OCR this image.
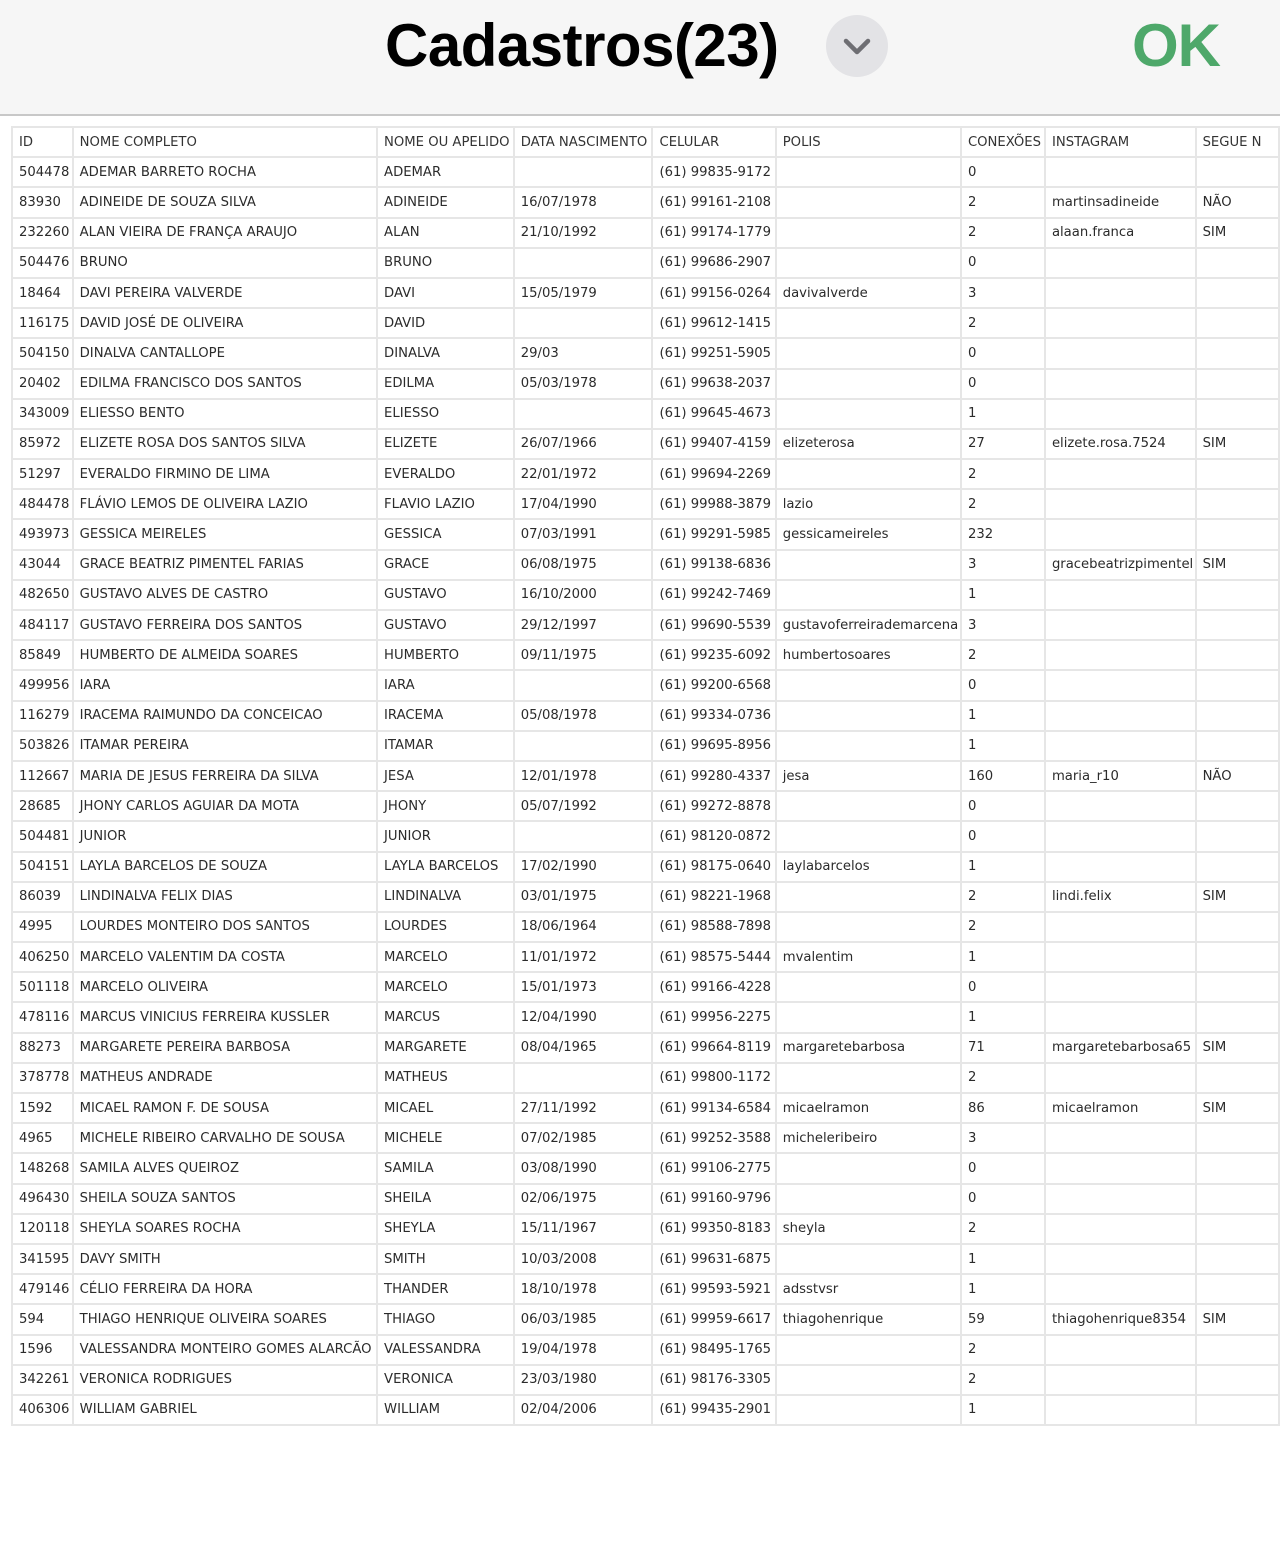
Cadastros(23)	OK
ID	NOME COMPLETO	NOME OU APELIDO	DATA NASCIMENTO	CELULAR	POLIS	CONEXÕES	INSTAGRAM	SEGUE N
504478	ADEMAR BARRETO ROCHA	ADEMAR		(61) 99835-9172		0		
83930	ADINEIDE DE SOUZA SILVA	ADINEIDE	16/07/1978	(61) 99161-2108		2	martinsadineide	NÃO
232260	ALAN VIEIRA DE FRANÇA ARAUJO	ALAN	21/10/1992	(61) 99174-1779		2	alaan.franca	SIM
504476	BRUNO	BRUNO		(61) 99686-2907		0		
18464	DAVI PEREIRA VALVERDE	DAVI	15/05/1979	(61) 99156-0264	davivalverde	3		
116175	DAVID JOSÉ DE OLIVEIRA	DAVID		(61) 99612-1415		2		
504150	DINALVA CANTALLOPE	DINALVA	29/03	(61) 99251-5905		0		
20402	EDILMA FRANCISCO DOS SANTOS	EDILMA	05/03/1978	(61) 99638-2037		0		
343009	ELIESSO BENTO	ELIESSO		(61) 99645-4673		1		
85972	ELIZETE ROSA DOS SANTOS SILVA	ELIZETE	26/07/1966	(61) 99407-4159	elizeterosa	27	elizete.rosa.7524	SIM
51297	EVERALDO FIRMINO DE LIMA	EVERALDO	22/01/1972	(61) 99694-2269		2		
484478	FLÁVIO LEMOS DE OLIVEIRA LAZIO	FLAVIO LAZIO	17/04/1990	(61) 99988-3879	lazio	2		
493973	GESSICA MEIRELES	GESSICA	07/03/1991	(61) 99291-5985	gessicameireles	232		
43044	GRACE BEATRIZ PIMENTEL FARIAS	GRACE	06/08/1975	(61) 99138-6836		3	gracebeatrizpimentel	SIM
482650	GUSTAVO ALVES DE CASTRO	GUSTAVO	16/10/2000	(61) 99242-7469		1		
484117	GUSTAVO FERREIRA DOS SANTOS	GUSTAVO	29/12/1997	(61) 99690-5539	gustavoferreirademarcena	3		
85849	HUMBERTO DE ALMEIDA SOARES	HUMBERTO	09/11/1975	(61) 99235-6092	humbertosoares	2		
499956	IARA	IARA		(61) 99200-6568		0		
116279	IRACEMA RAIMUNDO DA CONCEICAO	IRACEMA	05/08/1978	(61) 99334-0736		1		
503826	ITAMAR PEREIRA	ITAMAR		(61) 99695-8956		1		
112667	MARIA DE JESUS FERREIRA DA SILVA	JESA	12/01/1978	(61) 99280-4337	jesa	160	maria_r10	NÃO
28685	JHONY CARLOS AGUIAR DA MOTA	JHONY	05/07/1992	(61) 99272-8878		0		
504481	JUNIOR	JUNIOR		(61) 98120-0872		0		
504151	LAYLA BARCELOS DE SOUZA	LAYLA BARCELOS	17/02/1990	(61) 98175-0640	laylabarcelos	1		
86039	LINDINALVA FELIX DIAS	LINDINALVA	03/01/1975	(61) 98221-1968		2	lindi.felix	SIM
4995	LOURDES MONTEIRO DOS SANTOS	LOURDES	18/06/1964	(61) 98588-7898		2		
406250	MARCELO VALENTIM DA COSTA	MARCELO	11/01/1972	(61) 98575-5444	mvalentim	1		
501118	MARCELO OLIVEIRA	MARCELO	15/01/1973	(61) 99166-4228		0		
478116	MARCUS VINICIUS FERREIRA KUSSLER	MARCUS	12/04/1990	(61) 99956-2275		1		
88273	MARGARETE PEREIRA BARBOSA	MARGARETE	08/04/1965	(61) 99664-8119	margaretebarbosa	71	margaretebarbosa65	SIM
378778	MATHEUS ANDRADE	MATHEUS		(61) 99800-1172		2		
1592	MICAEL RAMON F. DE SOUSA	MICAEL	27/11/1992	(61) 99134-6584	micaelramon	86	micaelramon	SIM
4965	MICHELE RIBEIRO CARVALHO DE SOUSA	MICHELE	07/02/1985	(61) 99252-3588	micheleribeiro	3		
148268	SAMILA ALVES QUEIROZ	SAMILA	03/08/1990	(61) 99106-2775		0		
496430	SHEILA SOUZA SANTOS	SHEILA	02/06/1975	(61) 99160-9796		0		
120118	SHEYLA SOARES ROCHA	SHEYLA	15/11/1967	(61) 99350-8183	sheyla	2		
341595	DAVY SMITH	SMITH	10/03/2008	(61) 99631-6875		1		
479146	CÉLIO FERREIRA DA HORA	THANDER	18/10/1978	(61) 99593-5921	adsstvsr	1		
594	THIAGO HENRIQUE OLIVEIRA SOARES	THIAGO	06/03/1985	(61) 99959-6617	thiagohenrique	59	thiagohenrique8354	SIM
1596	VALESSANDRA MONTEIRO GOMES ALARCÃO	VALESSANDRA	19/04/1978	(61) 98495-1765		2		
342261	VERONICA RODRIGUES	VERONICA	23/03/1980	(61) 98176-3305		2		
406306	WILLIAM GABRIEL	WILLIAM	02/04/2006	(61) 99435-2901		1		
